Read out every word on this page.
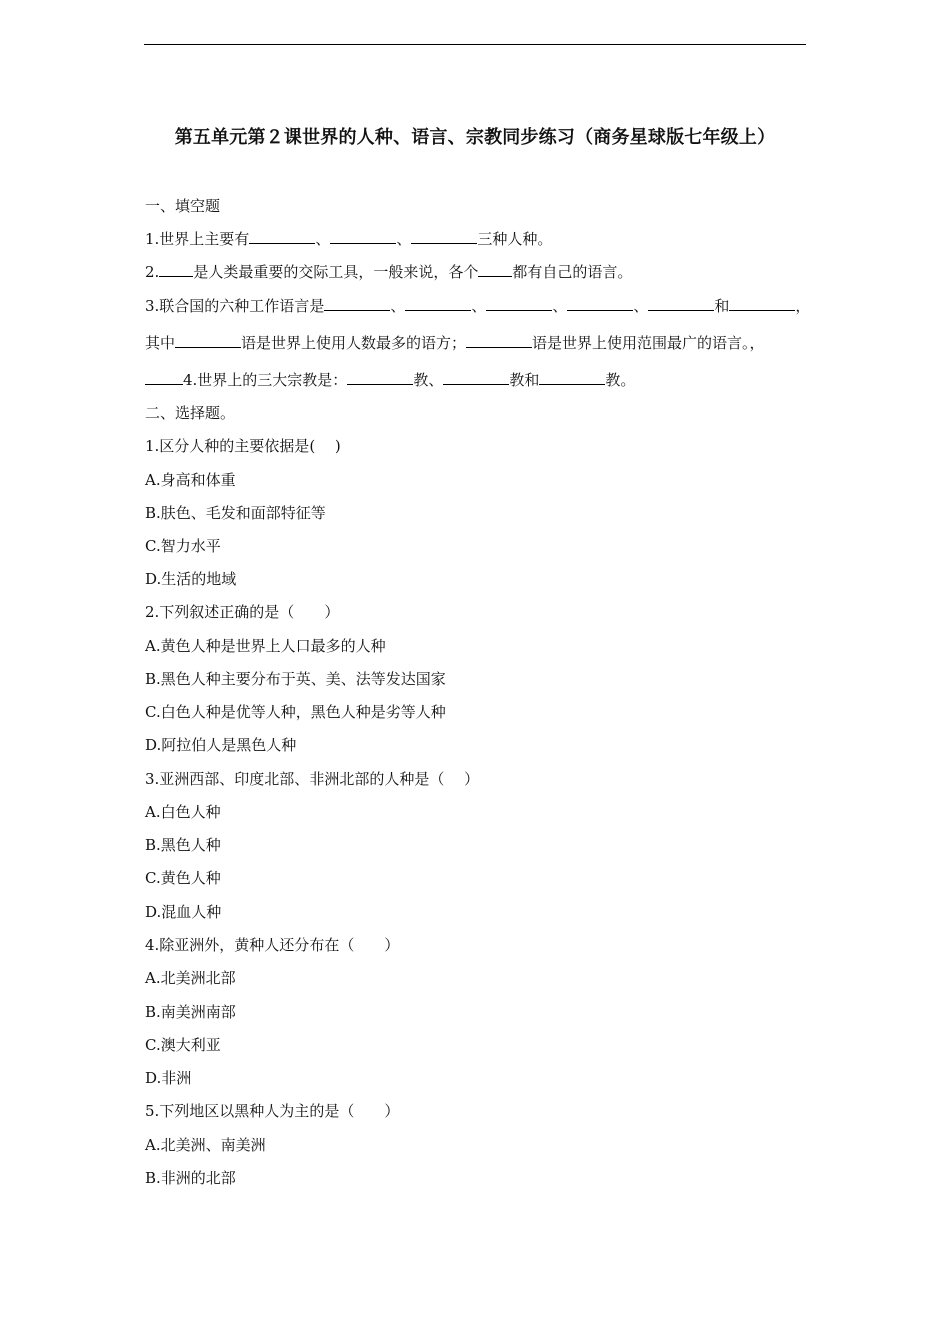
第五单元第２课世界的人种、语言、宗教同步练习（商务星球版七年级上）
一、填空题
1.世界上主要有	、	、	三种人种。
2. 是人类最重要的交际工具，一般来说，各个 都有自己的语言。
3.联合国的六种工作语言是	、	、	、	、	和	，
其中	语是世界上使用人数最多的语方；	语是世界上使用范围最广的语言。，
4.世界上的三大宗教是：	教、	教和	教。
二、选择题。
1.区分人种的主要依据是(　 )
A.身高和体重
B.肤色、毛发和面部特征等
C.智力水平
D.生活的地域
2.下列叙述正确的是（　　）
A.黄色人种是世界上人口最多的人种
B.黑色人种主要分布于英、美、法等发达国家
C.白色人种是优等人种，黑色人种是劣等人种
D.阿拉伯人是黑色人种
3.亚洲西部、印度北部、非洲北部的人种是（　 ）
A.白色人种
B.黑色人种
C.黄色人种
D.混血人种
4.除亚洲外，黄种人还分布在（　　）
A.北美洲北部
B.南美洲南部
C.澳大利亚
D.非洲
5.下列地区以黑种人为主的是（　　）
A.北美洲、南美洲
B.非洲的北部
